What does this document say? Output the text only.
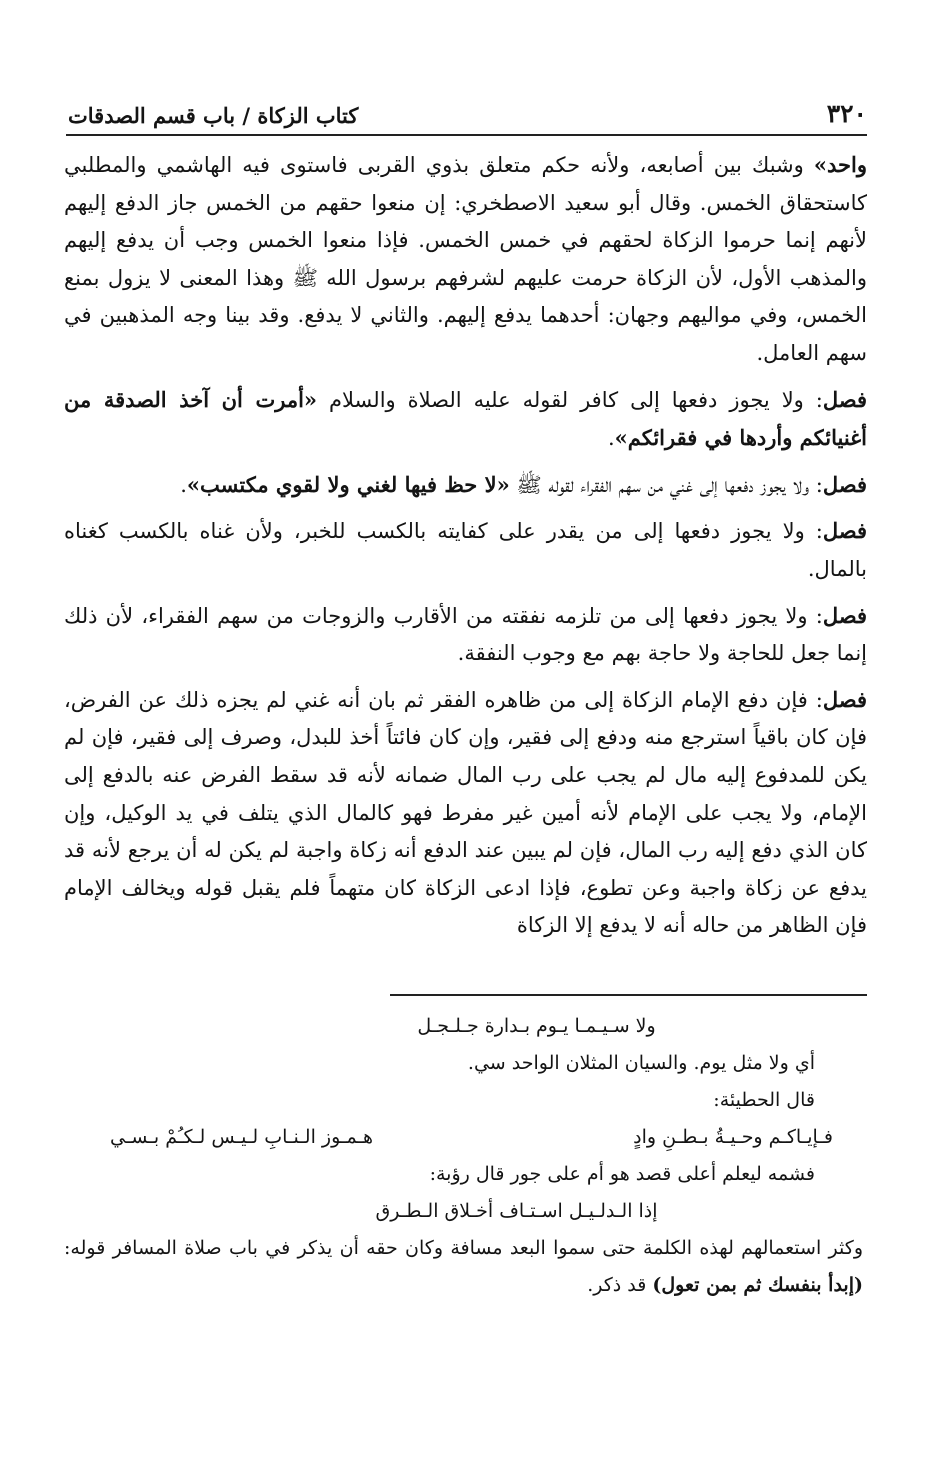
٣٢٠
كتاب الزكاة / باب قسم الصدقات

واحد» وشبك بين أصابعه، ولأنه حكم متعلق بذوي القربى فاستوى فيه الهاشمي والمطلبي كاستحقاق الخمس. وقال أبو سعيد الاصطخري: إن منعوا حقهم من الخمس جاز الدفع إليهم لأنهم إنما حرموا الزكاة لحقهم في خمس الخمس. فإذا منعوا الخمس وجب أن يدفع إليهم والمذهب الأول، لأن الزكاة حرمت عليهم لشرفهم برسول الله ﷺ وهذا المعنى لا يزول بمنع الخمس، وفي مواليهم وجهان: أحدهما يدفع إليهم. والثاني لا يدفع. وقد بينا وجه المذهبين في سهم العامل.

فصل: ولا يجوز دفعها إلى كافر لقوله عليه الصلاة والسلام «أمرت أن آخذ الصدقة من أغنيائكم وأردها في فقرائكم».

فصل: ولا يجوز دفعها إلى غني من سهم الفقراء لقوله ﷺ «لا حظ فيها لغني ولا لقوي مكتسب».

فصل: ولا يجوز دفعها إلى من يقدر على كفايته بالكسب للخبر، ولأن غناه بالكسب كغناه بالمال.

فصل: ولا يجوز دفعها إلى من تلزمه نفقته من الأقارب والزوجات من سهم الفقراء، لأن ذلك إنما جعل للحاجة ولا حاجة بهم مع وجوب النفقة.

فصل: فإن دفع الإمام الزكاة إلى من ظاهره الفقر ثم بان أنه غني لم يجزه ذلك عن الفرض، فإن كان باقياً استرجع منه ودفع إلى فقير، وإن كان فائتاً أخذ للبدل، وصرف إلى فقير، فإن لم يكن للمدفوع إليه مال لم يجب على رب المال ضمانه لأنه قد سقط الفرض عنه بالدفع إلى الإمام، ولا يجب على الإمام لأنه أمين غير مفرط فهو كالمال الذي يتلف في يد الوكيل، وإن كان الذي دفع إليه رب المال، فإن لم يبين عند الدفع أنه زكاة واجبة لم يكن له أن يرجع لأنه قد يدفع عن زكاة واجبة وعن تطوع، فإذا ادعى الزكاة كان متهماً فلم يقبل قوله ويخالف الإمام فإن الظاهر من حاله أنه لا يدفع إلا الزكاة

ولا سـيـمـا يـوم بـدارة جـلـجـل

أي ولا مثل يوم. والسيان المثلان الواحد سي.

قال الحطيئة:

فـإيـاكـم وحـيـةُ بـطـنِ وادٍ
هـمـوز الـنـابِ لـيـس لـكـُمْ بـسـي

فشمه ليعلم أعلى قصد هو أم على جور قال رؤبة:

إذا الـدلـيـل اسـتـاف أخـلاق الـطـرق

وكثر استعمالهم لهذه الكلمة حتى سموا البعد مسافة وكان حقه أن يذكر في باب صلاة المسافر قوله: (إبدأ بنفسك ثم بمن تعول) قد ذكر.
